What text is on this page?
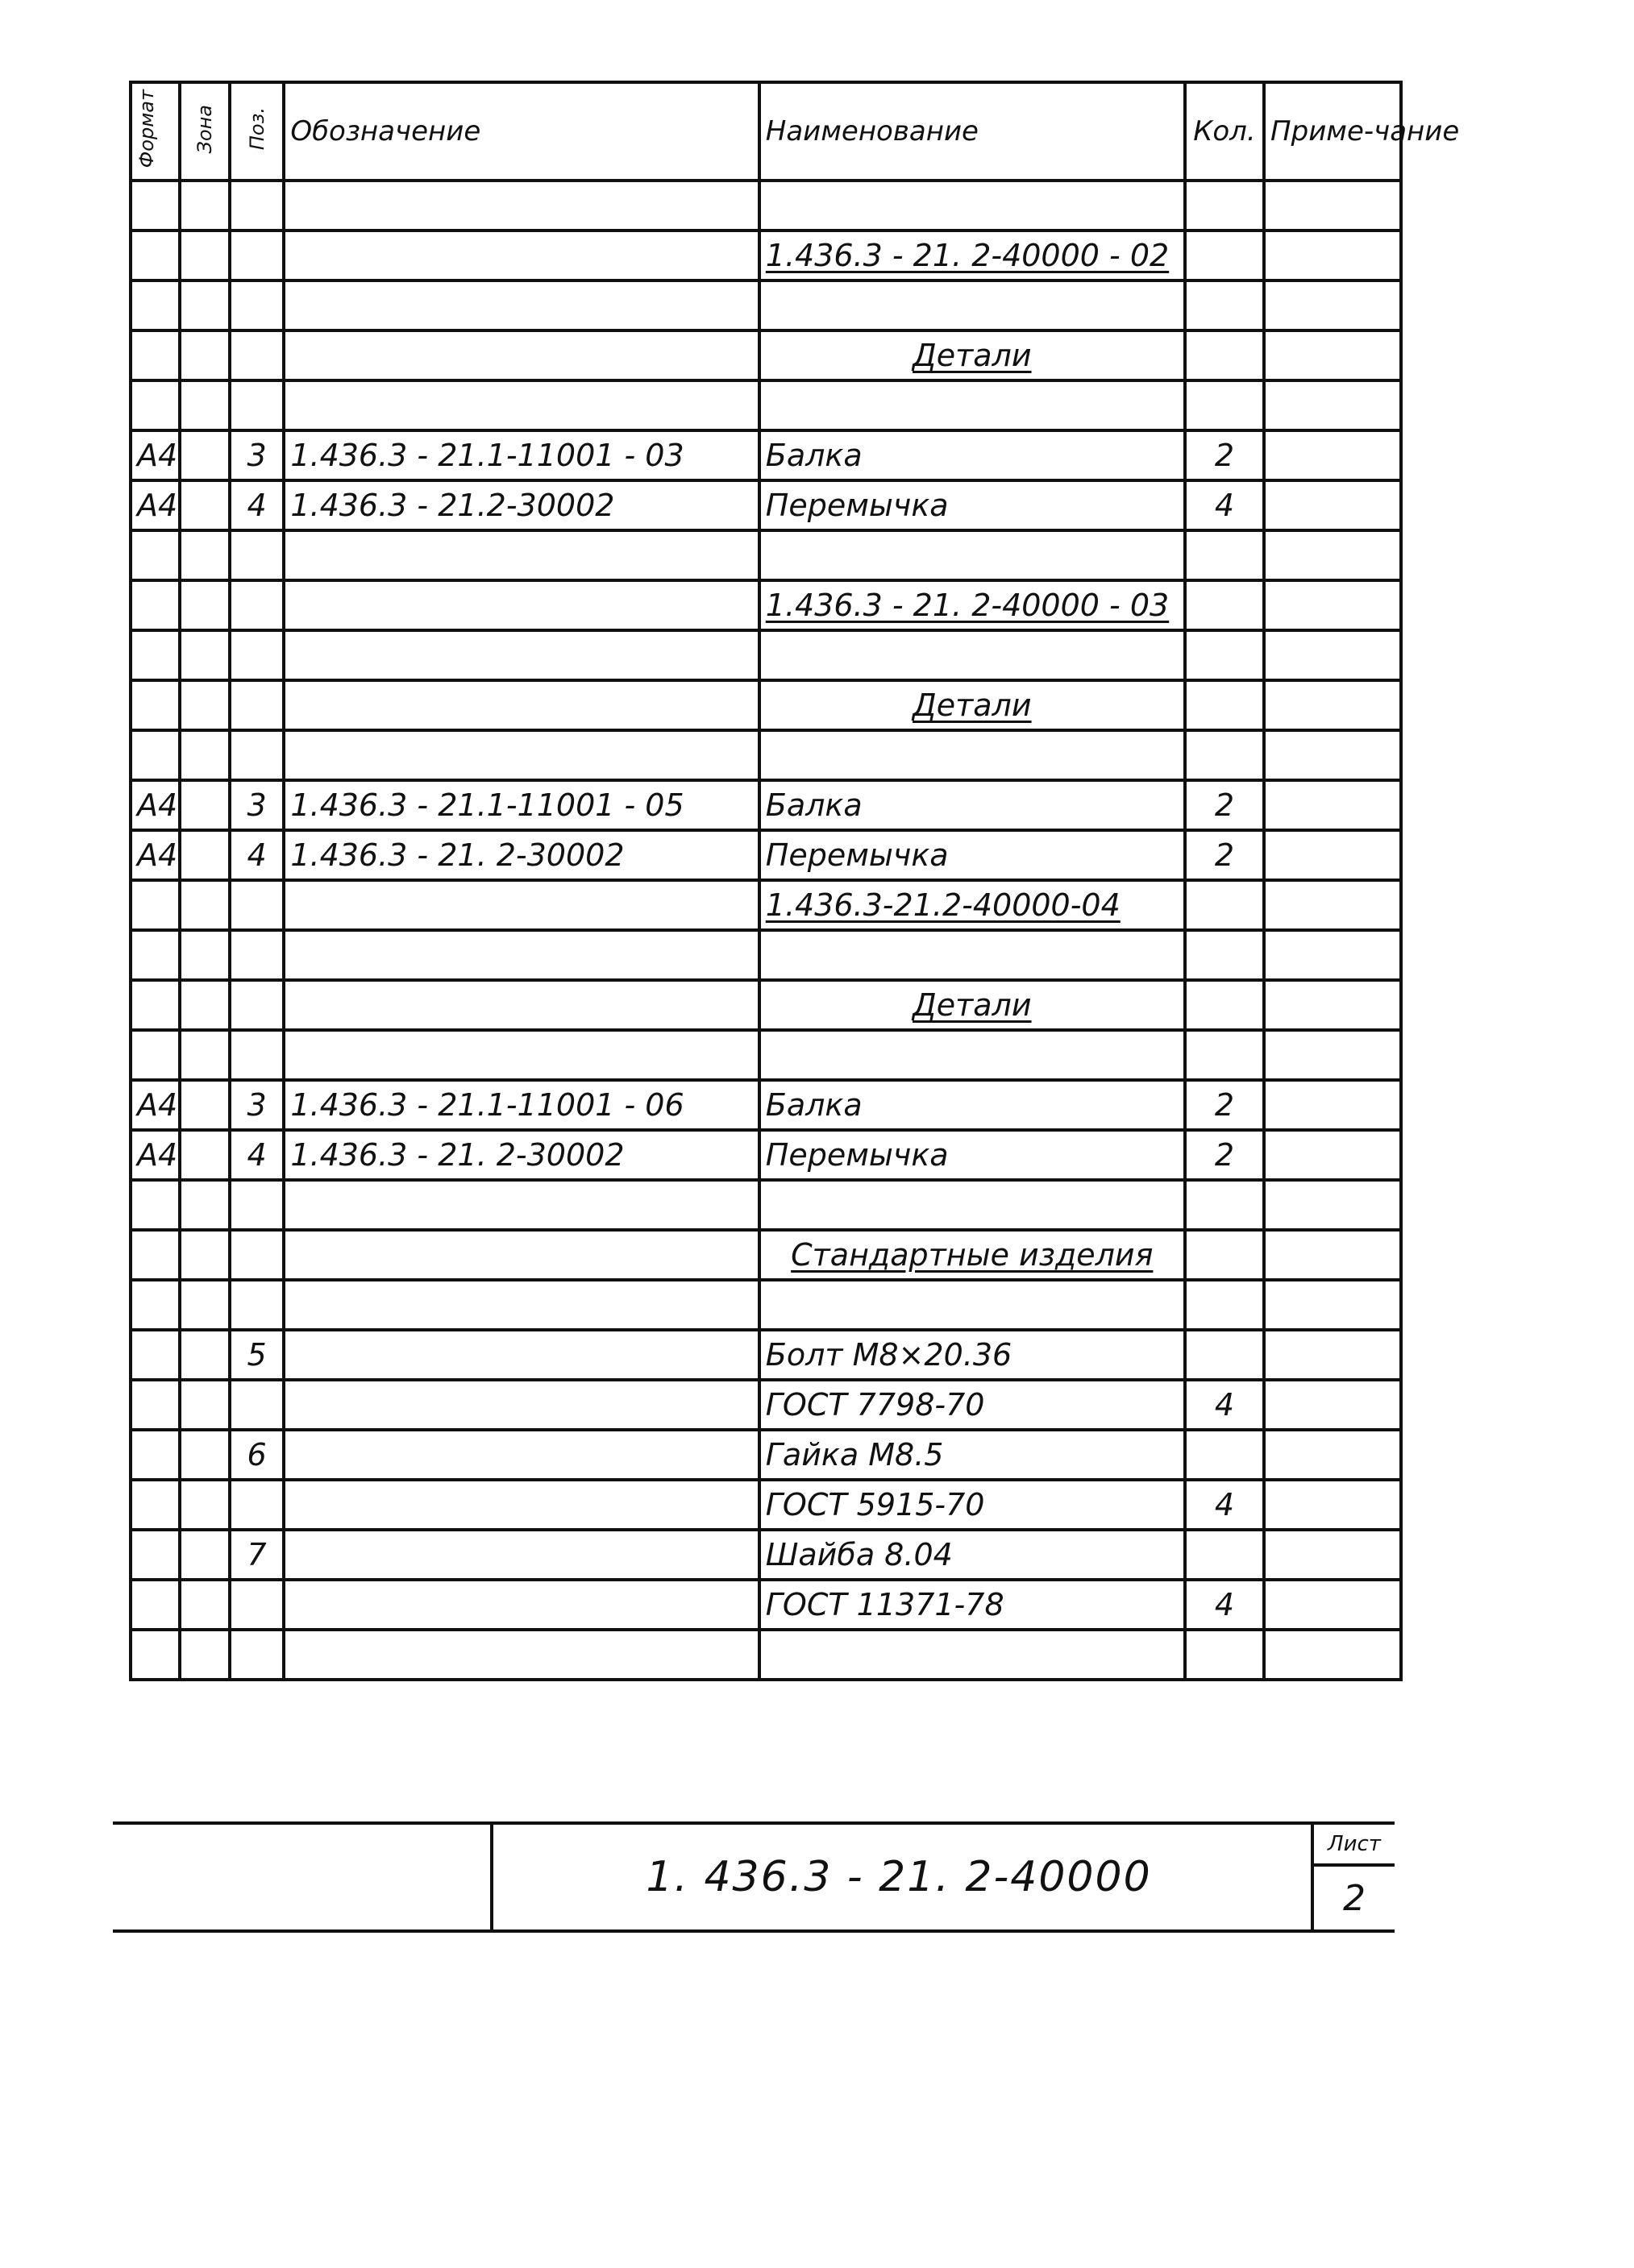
Формат	Зона	Поз.	Обозначение	Наименование	Кол.	Приме-чание

				1.436.3 - 21. 2-40000 - 02		

				Детали		

А4		3	1.436.3 - 21.1-11001 - 03	Балка	2	
А4		4	1.436.3 - 21.2-30002	Перемычка	4	

				1.436.3 - 21. 2-40000 - 03		

				Детали		

А4		3	1.436.3 - 21.1-11001 - 05	Балка	2	
А4		4	1.436.3 - 21. 2-30002	Перемычка	2	
				1.436.3-21.2-40000-04		

				Детали		

А4		3	1.436.3 - 21.1-11001 - 06	Балка	2	
А4		4	1.436.3 - 21. 2-30002	Перемычка	2	

				Стандартные изделия		

		5		Болт М8×20.36		
				ГОСТ 7798-70	4	
		6		Гайка М8.5		
				ГОСТ 5915-70	4	
		7		Шайба 8.04		
				ГОСТ 11371-78	4	

1. 436.3 - 21. 2-40000
Лист
2
